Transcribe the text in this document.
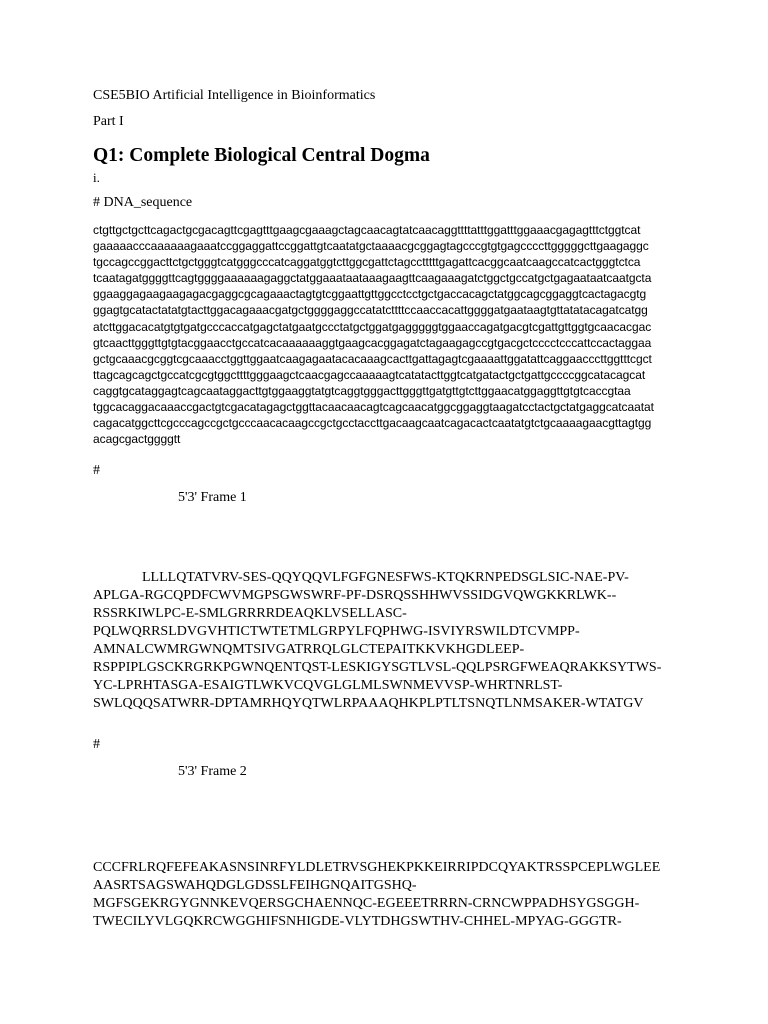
CSE5BIO Artificial Intelligence in Bioinformatics
Part I
Q1: Complete Biological Central Dogma
i.
# DNA_sequence
ctgttgctgcttcagactgcgacagttcgagtttgaagcgaaagctagcaacagtatcaacaggttttatttggatttggaaacgagagtttctggtcat
gaaaaacccaaaaaagaaatccggaggattccggattgtcaatatgctaaaacgcggagtagcccgtgtgagccccttgggggcttgaagaggc
tgccagccggacttctgctgggtcatgggcccatcaggatggtcttggcgattctagcctttttgagattcacggcaatcaagccatcactgggtctca
tcaatagatggggttcagtggggaaaaaagaggctatggaaataataaagaagttcaagaaagatctggctgccatgctgagaataatcaatgcta
ggaaggagaagaagagacgaggcgcagaaactagtgtcggaattgttggcctcctgctgaccacagctatggcagcggaggtcactagacgtg
ggagtgcatactatatgtacttggacagaaacgatgctggggaggccatatcttttccaaccacattggggatgaataagtgttatatacagatcatgg
atcttggacacatgtgtgatgcccaccatgagctatgaatgccctatgctggatgagggggtggaaccagatgacgtcgattgttggtgcaacacgac
gtcaacttgggttgtgtacggaacctgccatcacaaaaaaggtgaagcacggagatctagaagagccgtgacgctcccctcccattccactaggaa
gctgcaaacgcggtcgcaaacctggttggaatcaagagaatacacaaagcacttgattagagtcgaaaattggatattcaggaacccttggtttcgct
ttagcagcagctgccatcgcgtggcttttgggaagctcaacgagccaaaaagtcatatacttggtcatgatactgctgattgccccggcatacagcat
caggtgcataggagtcagcaataggacttgtggaaggtatgtcaggtgggacttgggttgatgttgtcttggaacatggaggttgtgtcaccgtaa
tggcacaggacaaaccgactgtcgacatagagctggttacaacaacagtcagcaacatggcggaggtaagatcctactgctatgaggcatcaatat
cagacatggcttcgcccagccgctgcccaacacaagccgctgcctaccttgacaagcaatcagacactcaatatgtctgcaaaagaacgttagtgg
acagcgactggggtt
#
5'3' Frame 1
LLLLQTATVRV-SES-QQYQQVLFGFGNESFWS-KTQKRNPEDSGLSIC-NAE-PV-
APLGA-RGCQPDFCWVMGPSGWSWRF-PF-DSRQSSHHWVSSIDGVQWGKKRLWK--
RSSRKIWLPC-E-SMLGRRRRDEAQKLVSELLASC-
PQLWQRRSLDVGVHTICTWTETMLGRPYLFQPHWG-ISVIYRSWILDTCVMPP-
AMNALCWMRGWNQMTSIVGATRRQLGLCTEPAITKKVKHGDLEEP-
RSPPIPLGSCKRGRKPGWNQENTQST-LESKIGYSGTLVSL-QQLPSRGFWEAQRAKKSYTWS-
YC-LPRHTASGA-ESAIGTLWKVCQVGLGLMLSWNMEVVSP-WHRTNRLST-
SWLQQQSATWRR-DPTAMRHQYQTWLRPAAAQHKPLPTLTSNQTLNMSAKER-WTATGV
#
5'3' Frame 2
CCCFRLRQFEFEAKASNSINRFYLDLETRVSGHEKPKKEIRRIPDCQYAKTRSSPCEPLWGLEE
AASRTSAGSWAHQDGLGDSSLFEIHGNQAITGSHQ-
MGFSGEKRGYGNNKEVQERSGCHAENNQC-EGEEETRRRN-CRNCWPPADHSYGSGGH-
TWECILYVLGQKRCWGGHIFSNHIGDE-VLYTDHGSWTHV-CHHEL-MPYAG-GGGTR-
